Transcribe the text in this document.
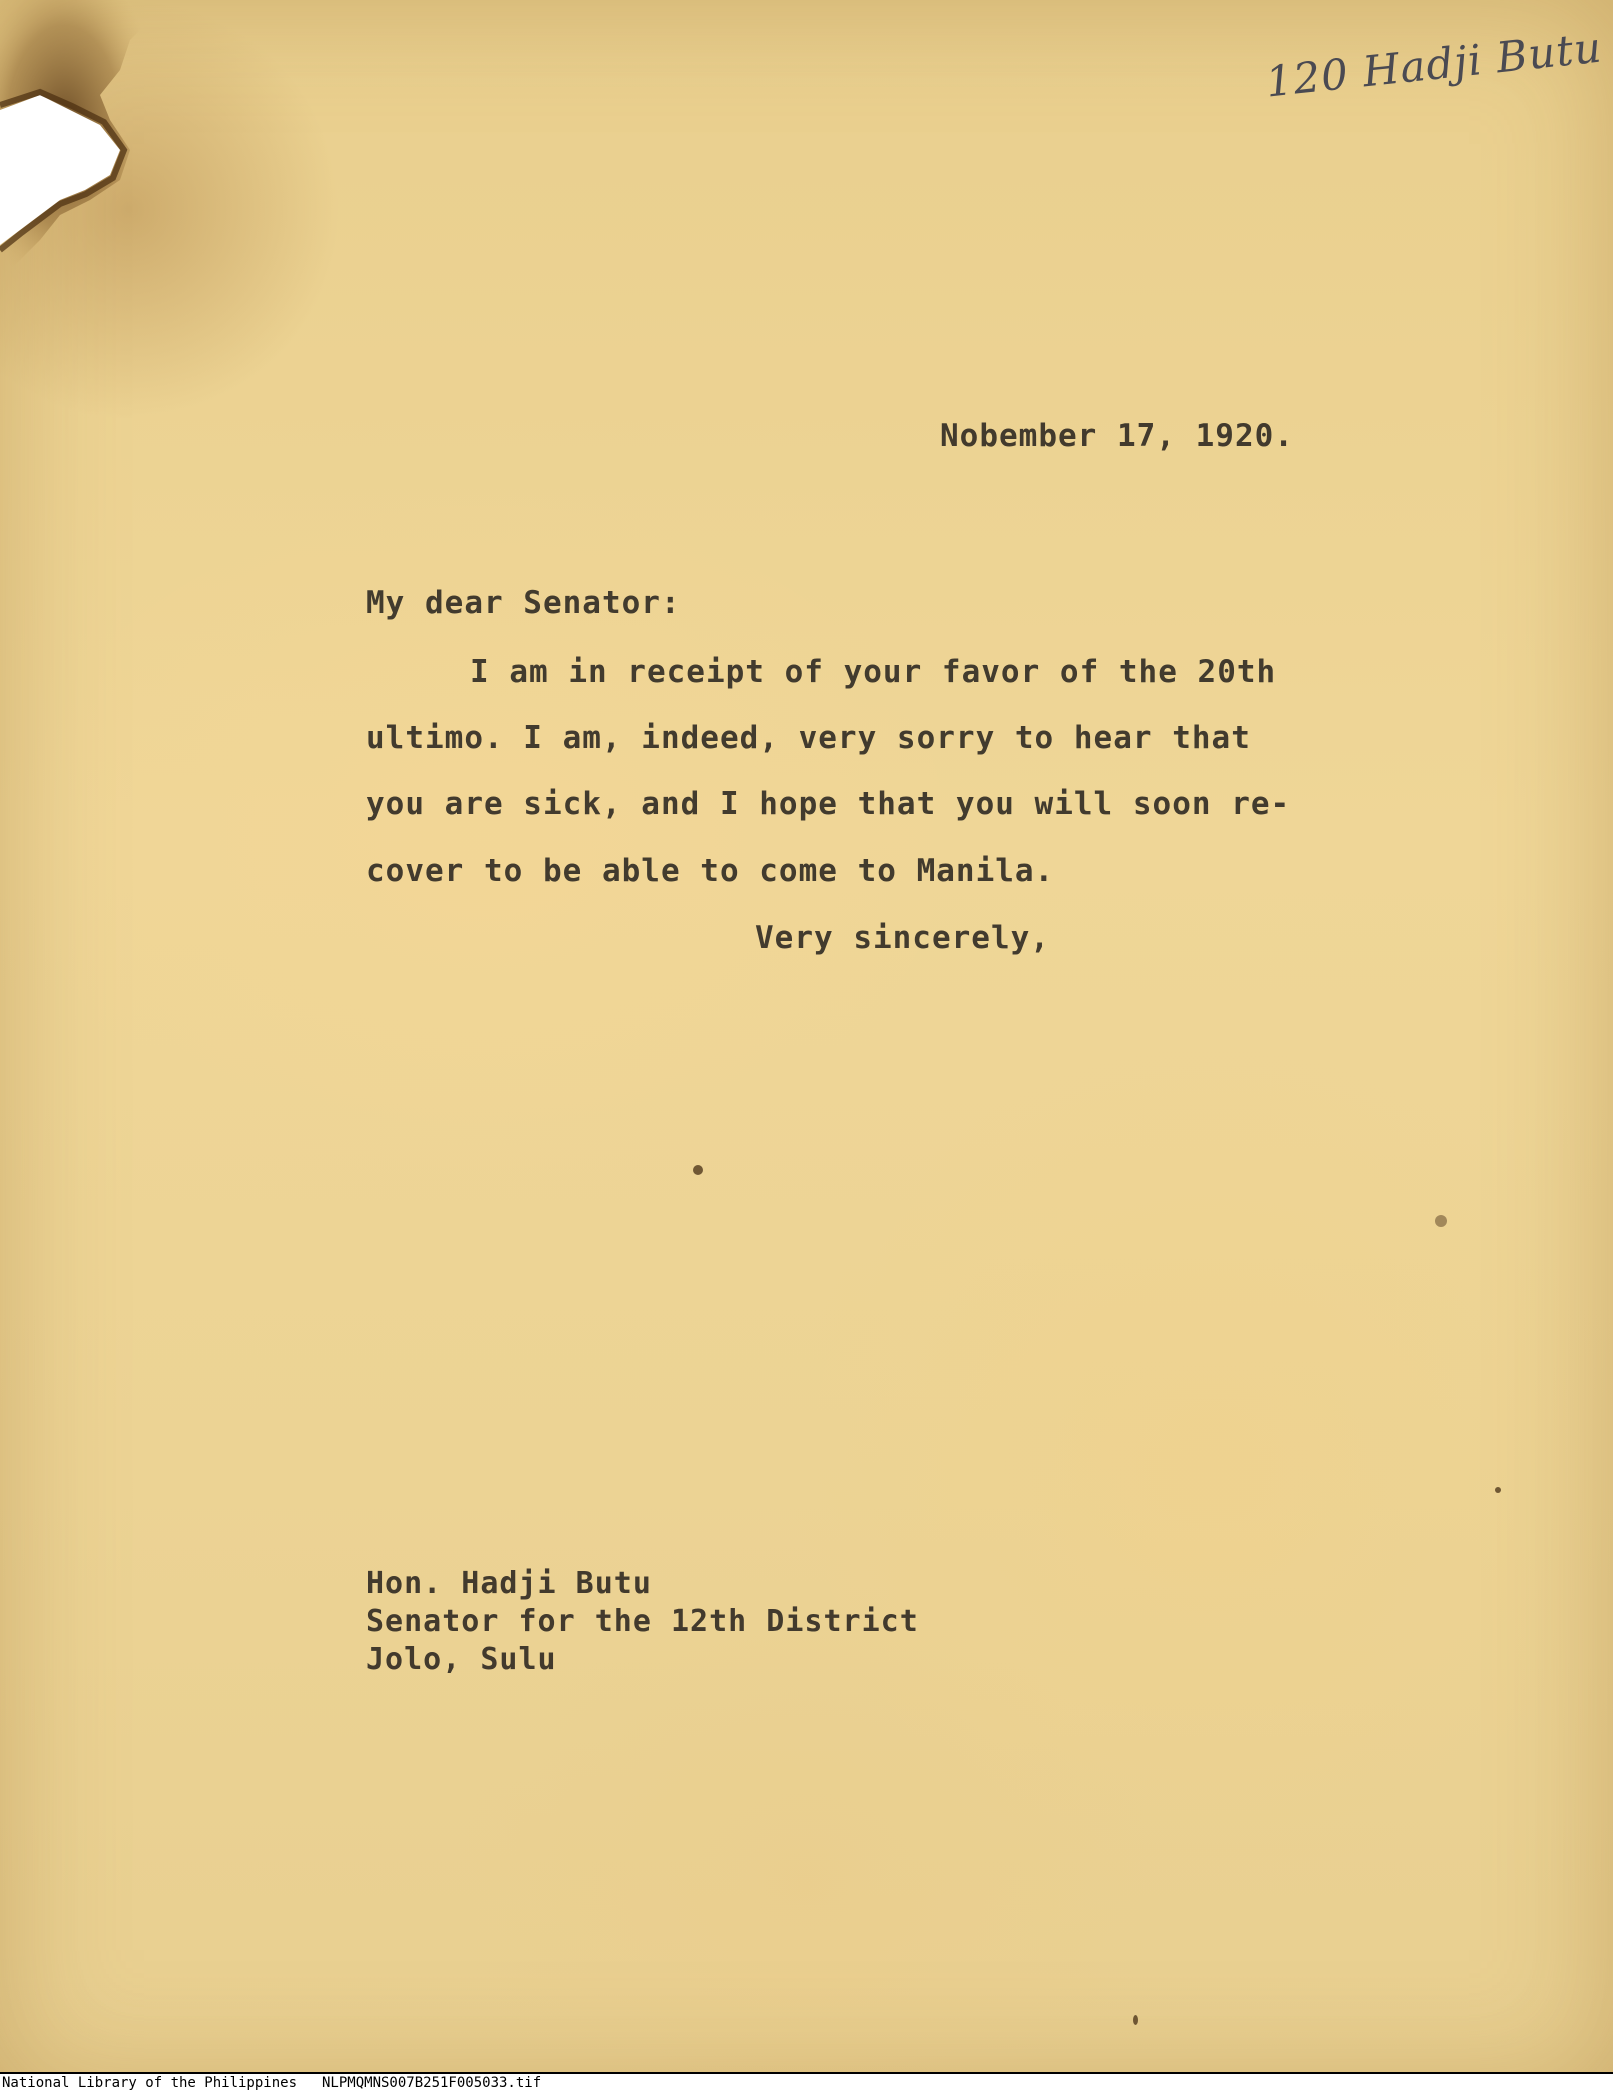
120 Hadji Butu
Nobember 17, 1920.
My dear Senator:
I am in receipt of your favor of the 20th
ultimo. I am, indeed, very sorry to hear that
you are sick, and I hope that you will soon re-
cover to be able to come to Manila.
Very sincerely,
Hon. Hadji Butu
Senator for the 12th District
Jolo, Sulu
National Library of the Philippines NLPMQMNS007B251F005033.tif
